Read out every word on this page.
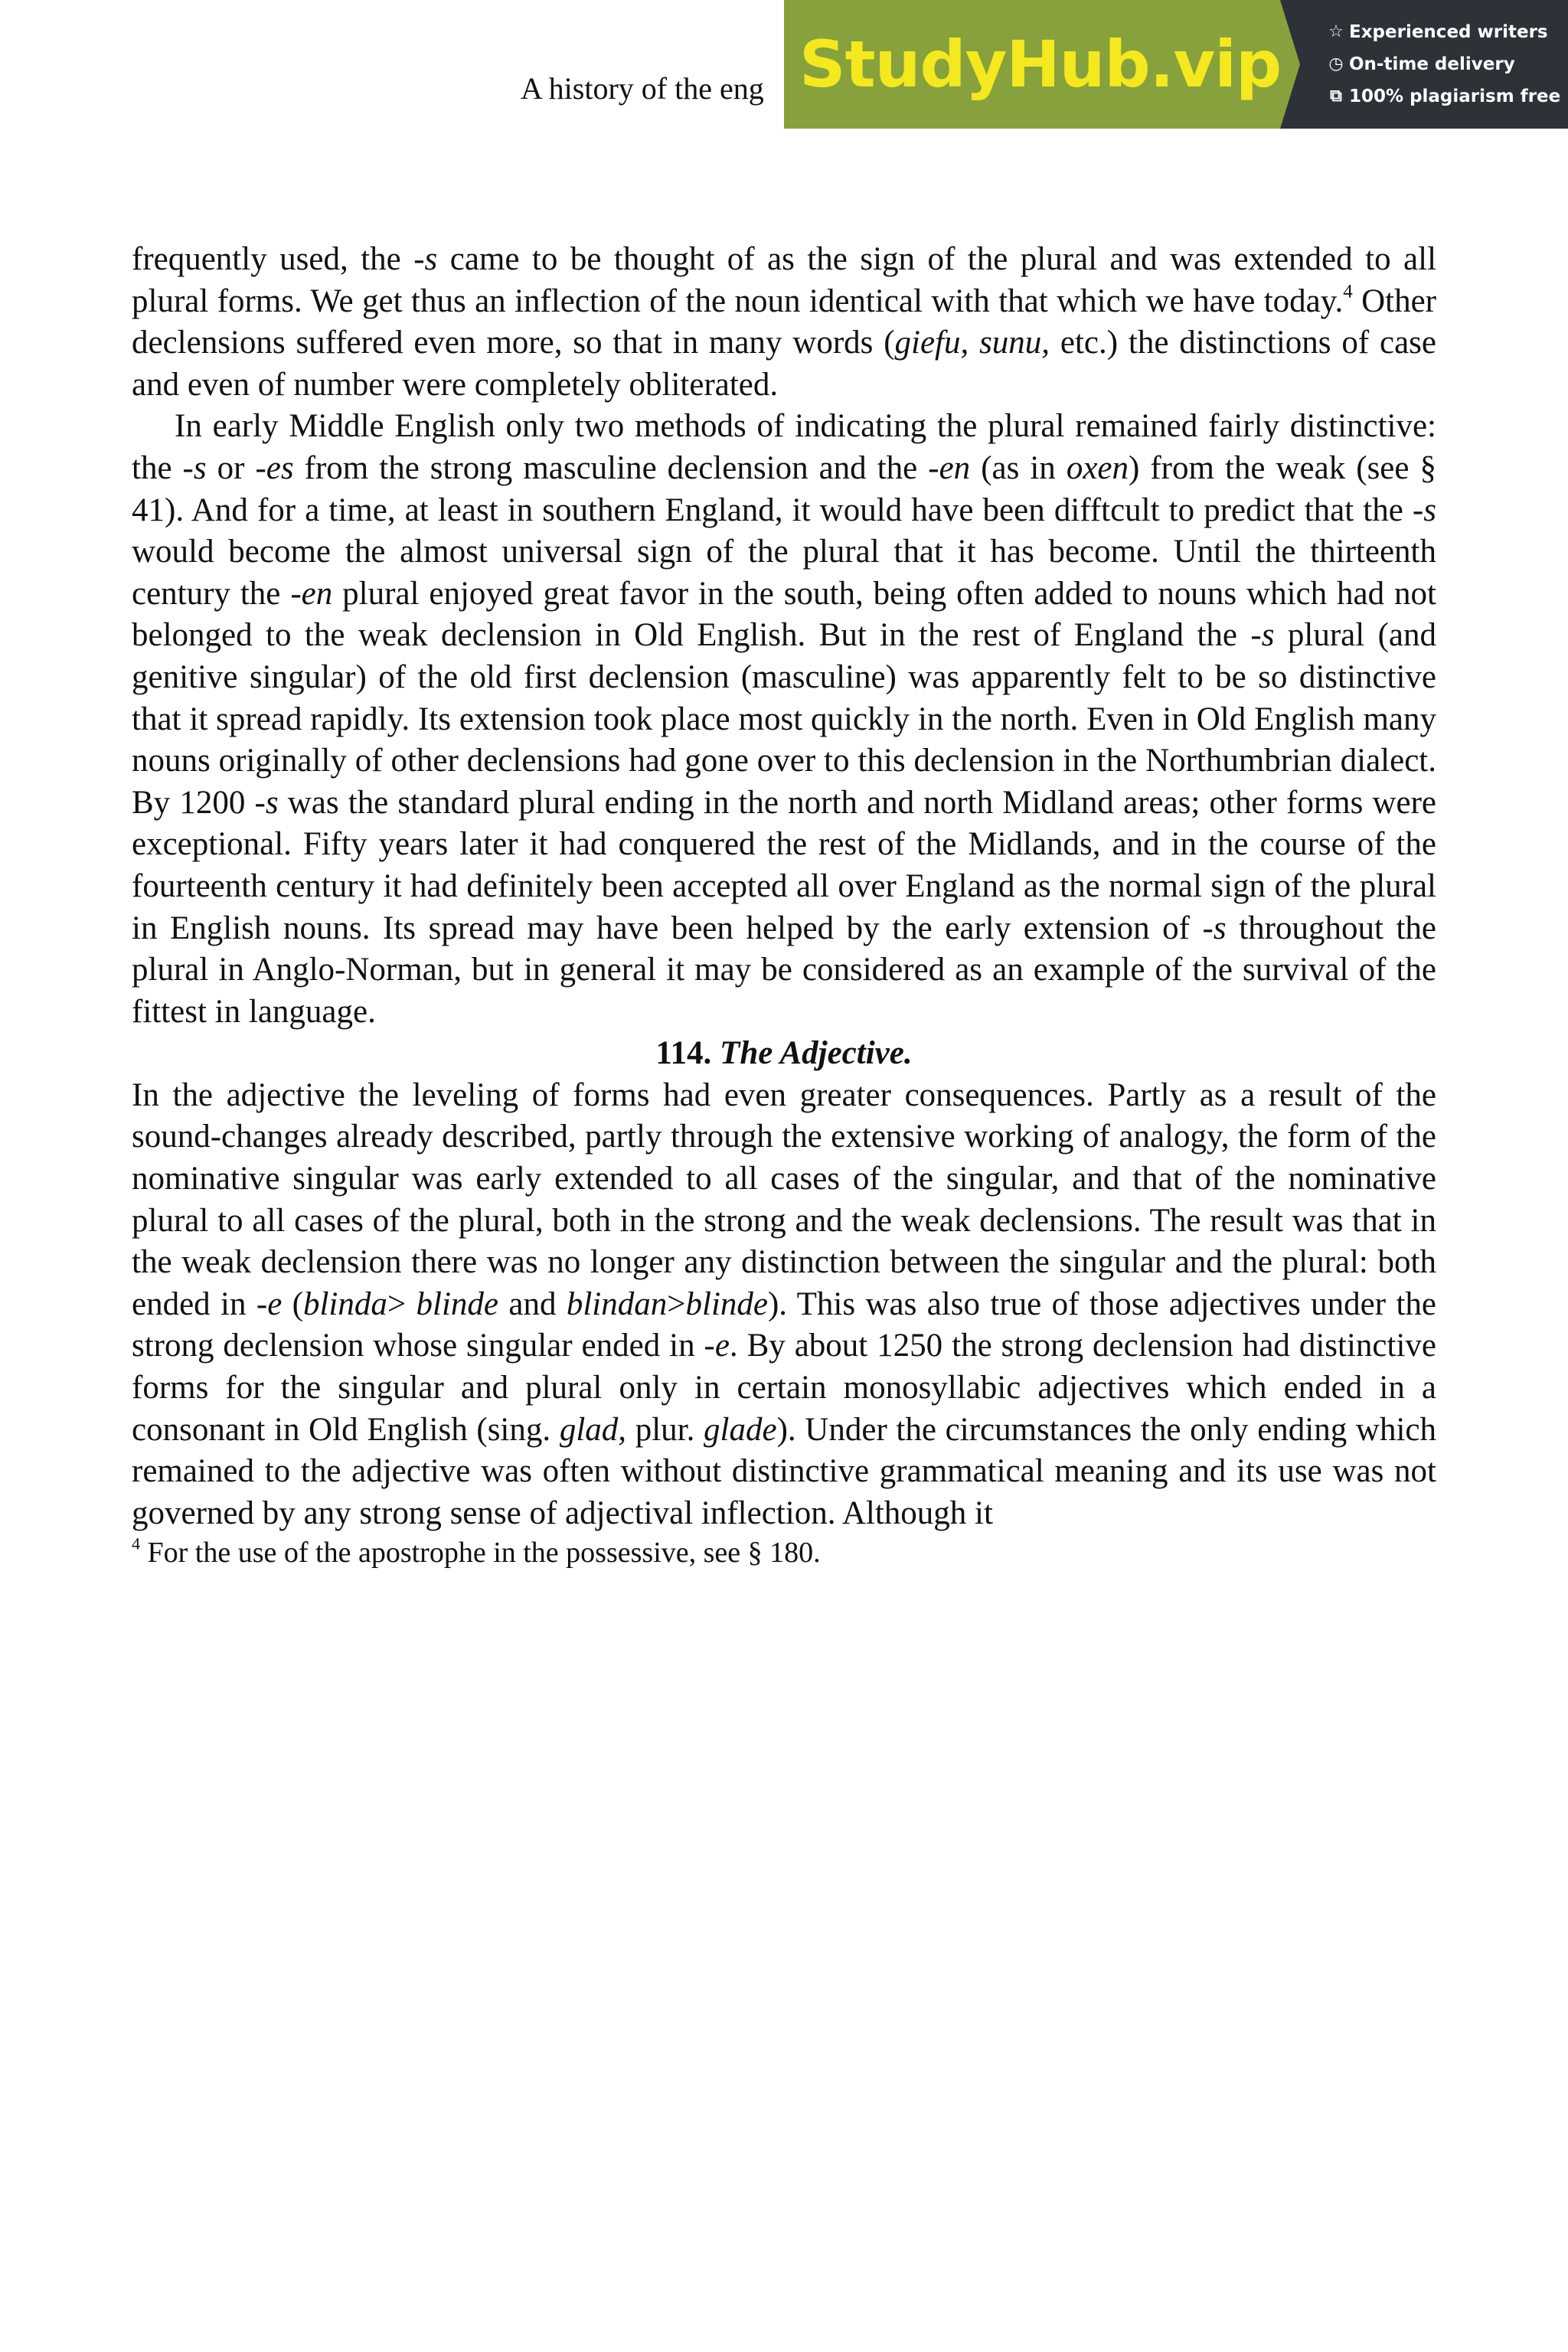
A history of the eng StudyHub.vip	☆ Experienced writers
◷ On-time delivery
⧉ 100% plagiarism free

frequently used, the -s came to be thought of as the sign of the plural and was extended to all plural forms. We get thus an inflection of the noun identical with that which we have today.$^4$ Other declensions suffered even more, so that in many words (giefu, sunu, etc.) the distinctions of case and even of number were completely obliterated.

In early Middle English only two methods of indicating the plural remained fairly distinctive: the -s or -es from the strong masculine declension and the -en (as in oxen) from the weak (see § 41). And for a time, at least in southern England, it would have been difftcult to predict that the -s would become the almost universal sign of the plural that it has become. Until the thirteenth century the -en plural enjoyed great favor in the south, being often added to nouns which had not belonged to the weak declension in Old English. But in the rest of England the -s plural (and genitive singular) of the old first declension (masculine) was apparently felt to be so distinctive that it spread rapidly. Its extension took place most quickly in the north. Even in Old English many nouns originally of other declensions had gone over to this declension in the Northumbrian dialect. By 1200 -s was the standard plural ending in the north and north Midland areas; other forms were exceptional. Fifty years later it had conquered the rest of the Midlands, and in the course of the fourteenth century it had definitely been accepted all over England as the normal sign of the plural in English nouns. Its spread may have been helped by the early extension of -s throughout the plural in Anglo-Norman, but in general it may be considered as an example of the survival of the fittest in language.

114. The Adjective.

In the adjective the leveling of forms had even greater consequences. Partly as a result of the sound-changes already described, partly through the extensive working of analogy, the form of the nominative singular was early extended to all cases of the singular, and that of the nominative plural to all cases of the plural, both in the strong and the weak declensions. The result was that in the weak declension there was no longer any distinction between the singular and the plural: both ended in -e (blinda> blinde and blindan>blinde). This was also true of those adjectives under the strong declension whose singular ended in -e. By about 1250 the strong declension had distinctive forms for the singular and plural only in certain monosyllabic adjectives which ended in a consonant in Old English (sing. glad, plur. glade). Under the circumstances the only ending which remained to the adjective was often without distinctive grammatical meaning and its use was not governed by any strong sense of adjectival inflection. Although it

$^4$ For the use of the apostrophe in the possessive, see § 180.
